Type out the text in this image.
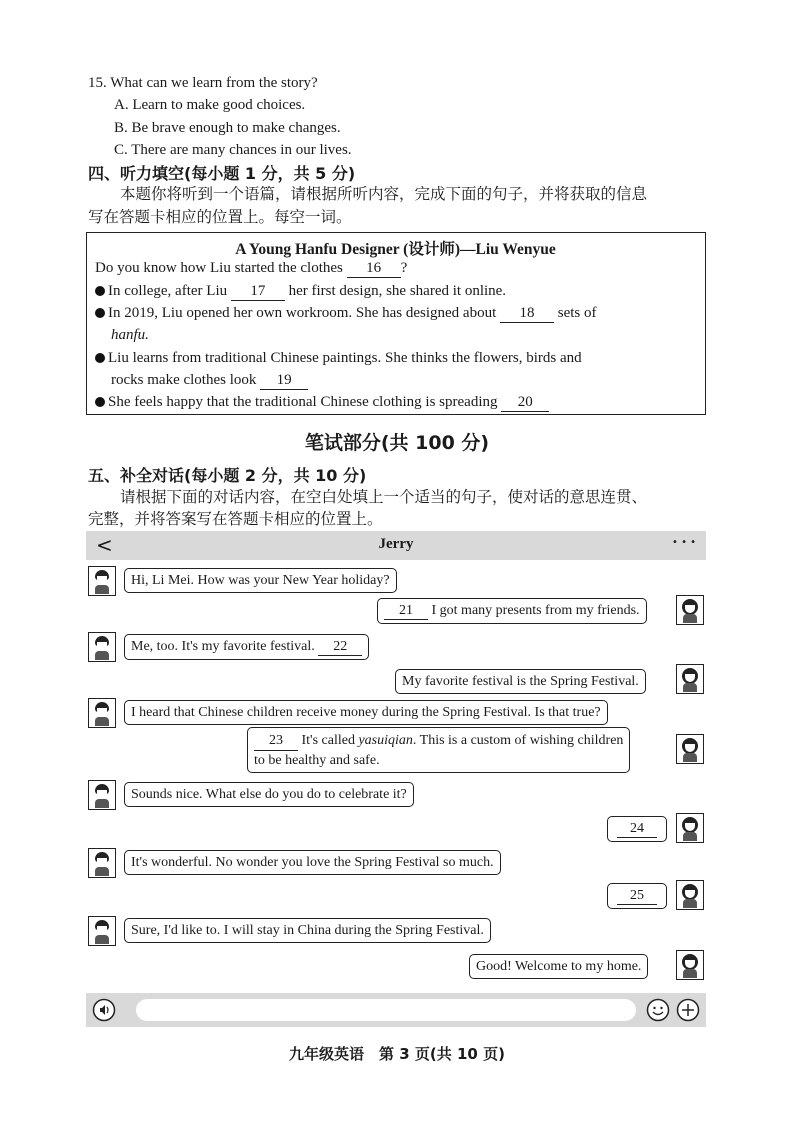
15. What can we learn from the story?
A. Learn to make good choices.
B. Be brave enough to make changes.
C. There are many chances in our lives.
四、听力填空(每小题 1 分，共 5 分)
本题你将听到一个语篇，请根据所听内容，完成下面的句子，并将获取的信息
写在答题卡相应的位置上。每空一词。
A Young Hanfu Designer (设计师)—Liu Wenyue
Do you know how Liu started the clothes 16 ?
In college, after Liu 17 her first design, she shared it online.
In 2019, Liu opened her own workroom. She has designed about 18 sets of
hanfu.
Liu learns from traditional Chinese paintings. She thinks the flowers, birds and
rocks make clothes look 19
She feels happy that the traditional Chinese clothing is spreading 20
笔试部分(共 100 分)
五、补全对话(每小题 2 分，共 10 分)
请根据下面的对话内容，在空白处填上一个适当的句子，使对话的意思连贯、
完整，并将答案写在答题卡相应的位置上。
<	Jerry	• • •
Hi, Li Mei. How was your New Year holiday?
21 I got many presents from my friends.
Me, too. It's my favorite festival. 22
My favorite festival is the Spring Festival.
I heard that Chinese children receive money during the Spring Festival. Is that true?
23 It's called yasuiqian. This is a custom of wishing children
to be healthy and safe.
Sounds nice. What else do you do to celebrate it?
24
It's wonderful. No wonder you love the Spring Festival so much.
25
Sure, I'd like to. I will stay in China during the Spring Festival.
Good! Welcome to my home.
九年级英语　第 3 页(共 10 页)
